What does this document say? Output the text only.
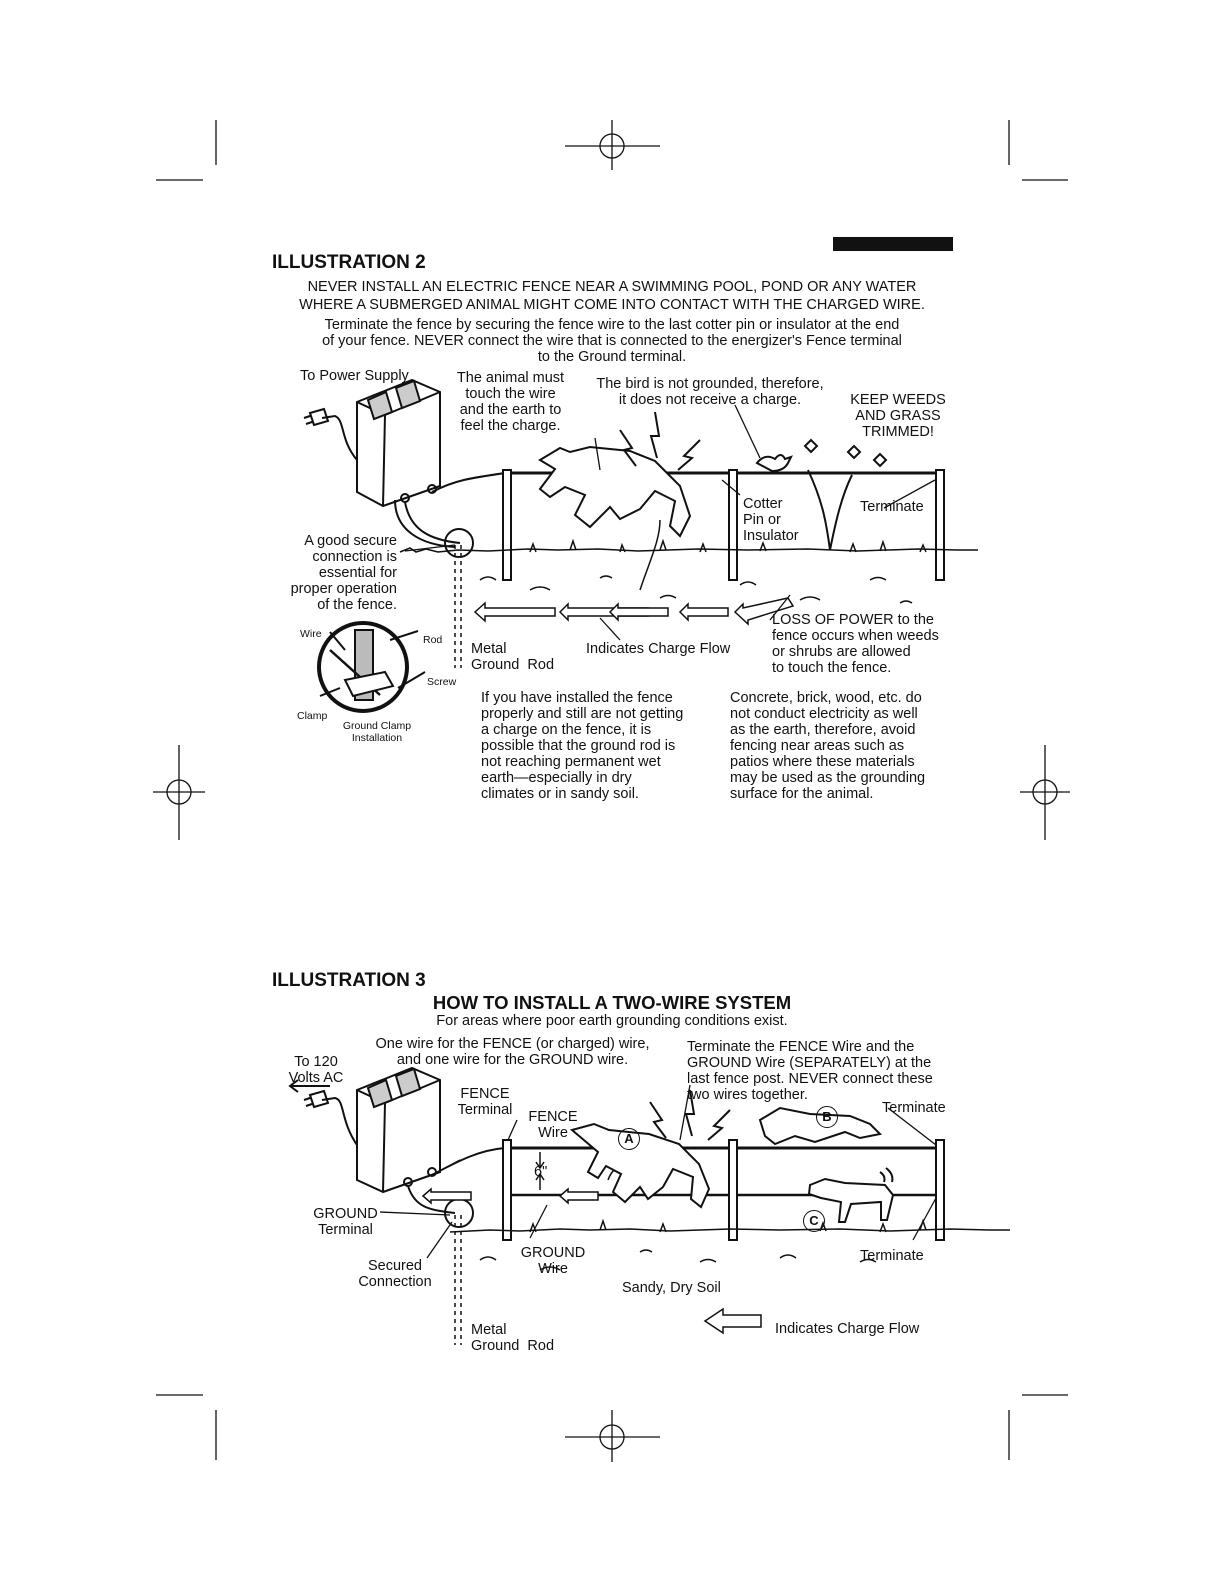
ILLUSTRATION 2
NEVER INSTALL AN ELECTRIC FENCE NEAR A SWIMMING POOL, POND OR ANY WATER
WHERE A SUBMERGED ANIMAL MIGHT COME INTO CONTACT WITH THE CHARGED WIRE.
Terminate the fence by securing the fence wire to the last cotter pin or insulator at the end
of your fence. NEVER connect the wire that is connected to the energizer's Fence terminal
to the Ground terminal.
To Power Supply	The animal must
touch the wire
and the earth to
feel the charge.
The bird is not grounded, therefore,
it does not receive a charge.	KEEP WEEDS
AND GRASS
TRIMMED!
Cotter
Pin or
Insulator
Terminate
A good secure
connection is
essential for
proper operation
of the fence.
Metal
Ground  Rod
Indicates Charge Flow
LOSS OF POWER to the
fence occurs when weeds
or shrubs are allowed
to touch the fence.
Wire	Rod
Screw
Clamp
Ground Clamp
Installation
If you have installed the fence
properly and still are not getting
a charge on the fence, it is
possible that the ground rod is
not reaching permanent wet
earth—especially in dry
climates or in sandy soil.
Concrete, brick, wood, etc. do
not conduct electricity as well
as the earth, therefore, avoid
fencing near areas such as
patios where these materials
may be used as the grounding
surface for the animal.
ILLUSTRATION 3
HOW TO INSTALL A TWO-WIRE SYSTEM
For areas where poor earth grounding conditions exist.
One wire for the FENCE (or charged) wire,
and one wire for the GROUND wire.
Terminate the FENCE Wire and the
GROUND Wire (SEPARATELY) at the
last fence post. NEVER connect these
two wires together.
To 120
Volts AC
FENCE
Terminal	FENCE
Wire
6"
GROUND
Terminal
Secured
Connection
GROUND
Wire
Sandy, Dry Soil
Terminate
Terminate
Metal
Ground  Rod
Indicates Charge Flow
A
B
C
